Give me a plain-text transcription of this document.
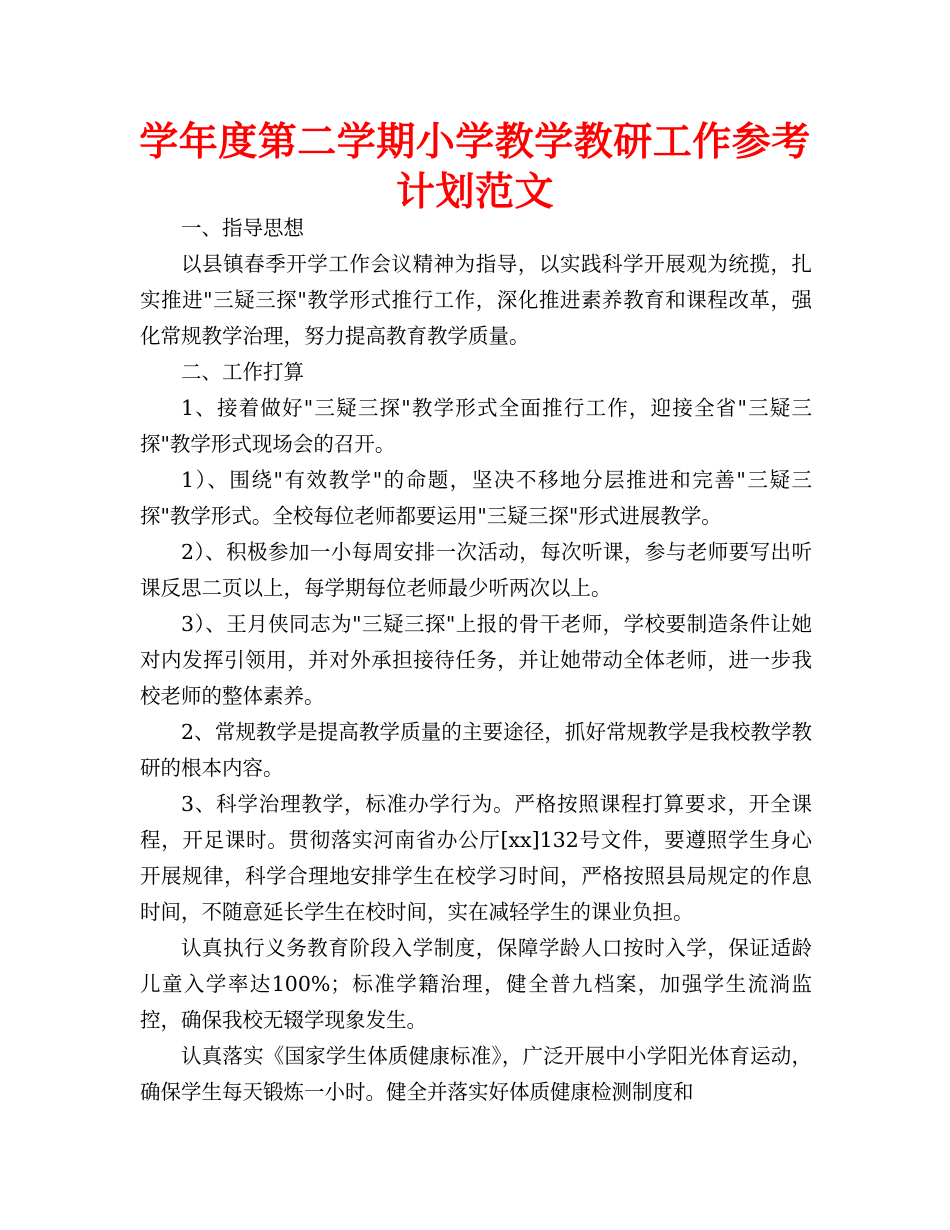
学年度第二学期小学教学教研工作参考计划范文

一、指导思想

以县镇春季开学工作会议精神为指导，以实践科学开展观为统揽，扎实推进"三疑三探"教学形式推行工作，深化推进素养教育和课程改革，强化常规教学治理，努力提高教育教学质量。

二、工作打算

1、接着做好"三疑三探"教学形式全面推行工作，迎接全省"三疑三探"教学形式现场会的召开。

1）、围绕"有效教学"的命题，坚决不移地分层推进和完善"三疑三探"教学形式。全校每位老师都要运用"三疑三探"形式进展教学。

2）、积极参加一小每周安排一次活动，每次听课，参与老师要写出听课反思二页以上，每学期每位老师最少听两次以上。

3）、王月侠同志为"三疑三探"上报的骨干老师，学校要制造条件让她对内发挥引领用，并对外承担接待任务，并让她带动全体老师，进一步我校老师的整体素养。

2、常规教学是提高教学质量的主要途径，抓好常规教学是我校教学教研的根本内容。

3、科学治理教学，标准办学行为。严格按照课程打算要求，开全课程，开足课时。贯彻落实河南省办公厅[xx]132号文件，要遵照学生身心开展规律，科学合理地安排学生在校学习时间，严格按照县局规定的作息时间，不随意延长学生在校时间，实在减轻学生的课业负担。

认真执行义务教育阶段入学制度，保障学龄人口按时入学，保证适龄儿童入学率达100%；标准学籍治理，健全普九档案，加强学生流淌监控，确保我校无辍学现象发生。

认真落实《国家学生体质健康标准》，广泛开展中小学阳光体育运动，确保学生每天锻炼一小时。健全并落实好体质健康检测制度和
